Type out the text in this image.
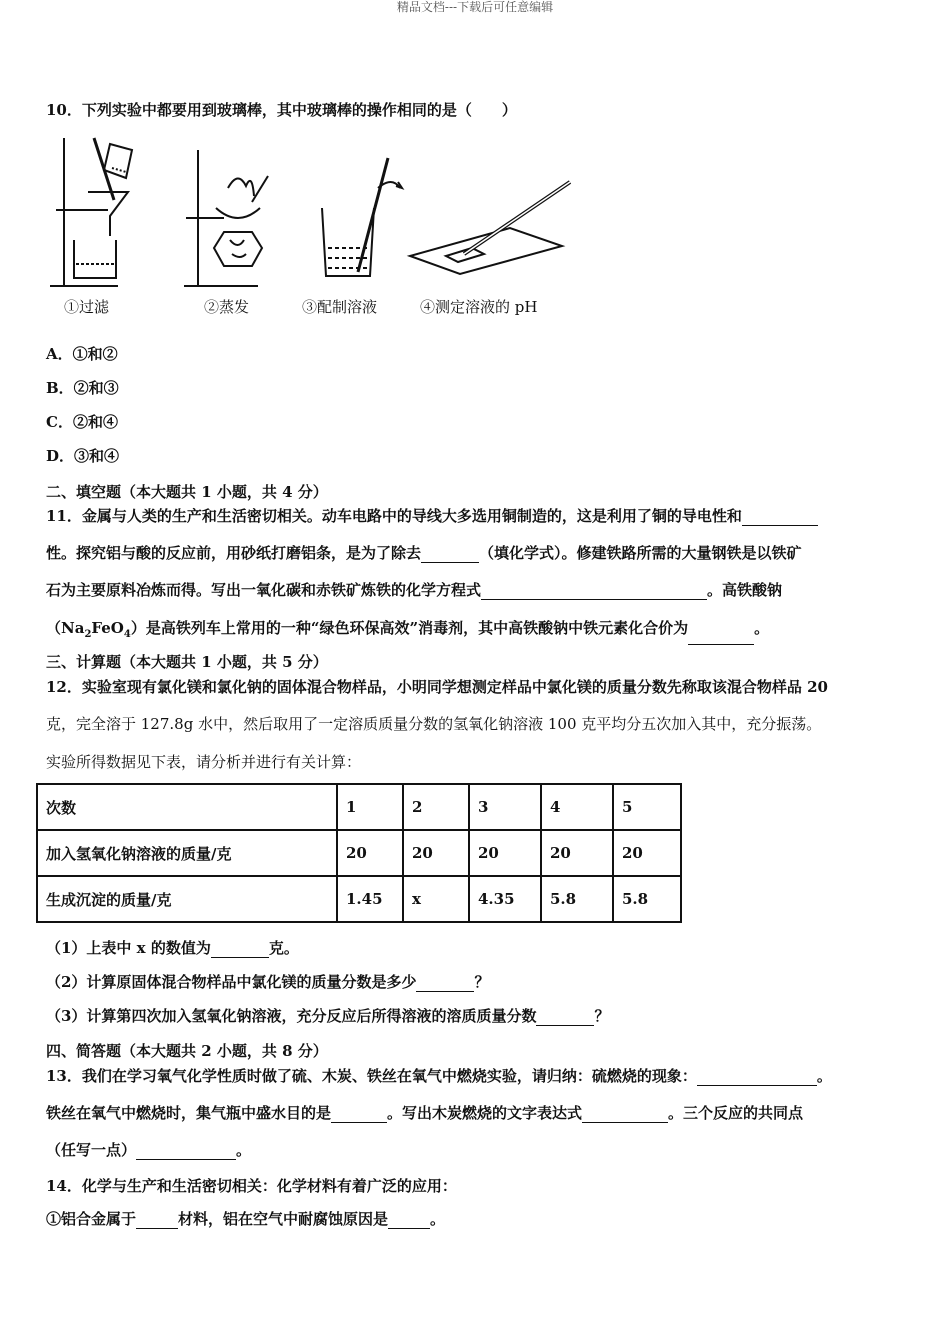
精品文档---下载后可任意编辑
10．下列实验中都要用到玻璃棒，其中玻璃棒的操作相同的是（　　）
①过滤	②蒸发	③配制溶液	④测定溶液的 pH
A．①和②
B．②和③
C．②和④
D．③和④
二、填空题（本大题共 1 小题，共 4 分）
11．金属与人类的生产和生活密切相关。动车电路中的导线大多选用铜制造的，这是利用了铜的导电性和
性。探究铝与酸的反应前，用砂纸打磨铝条，是为了除去	（填化学式）。修建铁路所需的大量钢铁是以铁矿
石为主要原料冶炼而得。写出一氧化碳和赤铁矿炼铁的化学方程式	。高铁酸钠
$(Na_2FeO_4)$是高铁列车上常用的一种“绿色环保高效”消毒剂，其中高铁酸钠中铁元素化合价为	。
三、计算题（本大题共 1 小题，共 5 分）
12．实验室现有氯化镁和氯化钠的固体混合物样品，小明同学想测定样品中氯化镁的质量分数先称取该混合物样品 20
克，完全溶于 127.8g 水中，然后取用了一定溶质质量分数的氢氧化钠溶液 100 克平均分五次加入其中，充分振荡。
实验所得数据见下表，请分析并进行有关计算：
次数	1	2	3	4	5
加入氢氧化钠溶液的质量/克	20	20	20	20	20
生成沉淀的质量/克	1.45	x	4.35	5.8	5.8
（1）上表中 x 的数值为	克。
（2）计算原固体混合物样品中氯化镁的质量分数是多少	？
（3）计算第四次加入氢氧化钠溶液，充分反应后所得溶液的溶质质量分数	？
四、简答题（本大题共 2 小题，共 8 分）
13．我们在学习氧气化学性质时做了硫、木炭、铁丝在氧气中燃烧实验，请归纳：硫燃烧的现象：	。
铁丝在氧气中燃烧时，集气瓶中盛水目的是	。写出木炭燃烧的文字表达式	。三个反应的共同点
（任写一点）	。
14．化学与生产和生活密切相关：化学材料有着广泛的应用：
①铝合金属于	材料，铝在空气中耐腐蚀原因是	。
